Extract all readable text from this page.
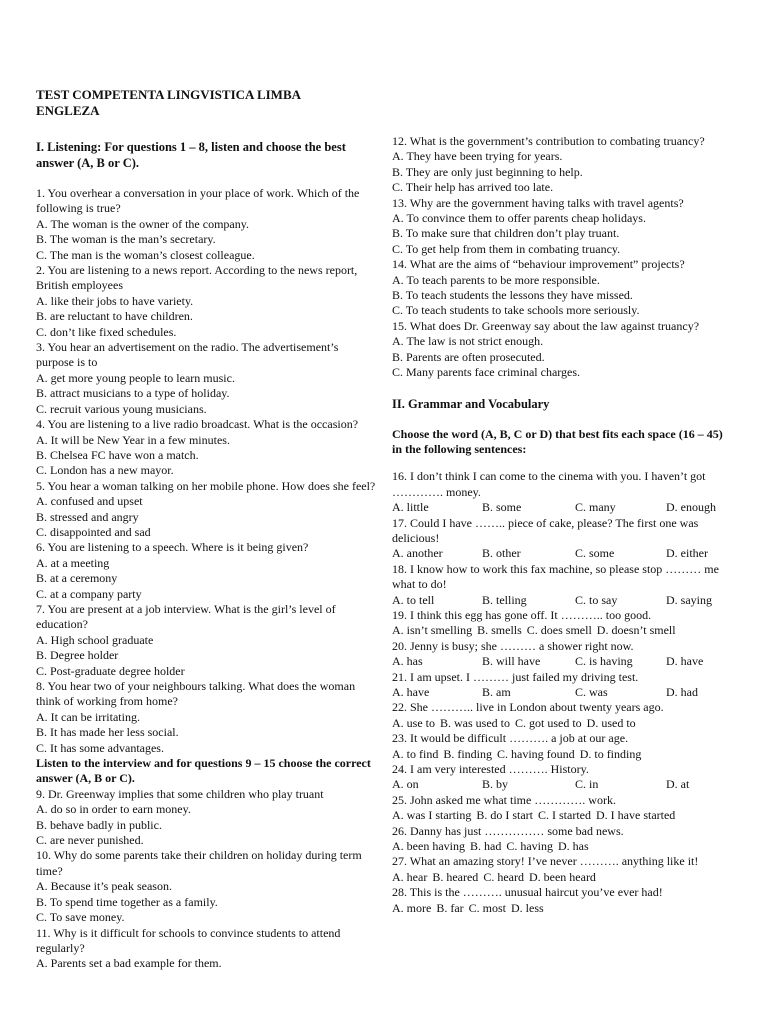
TEST COMPETENTA LINGVISTICA LIMBA ENGLEZA
I. Listening: For questions 1 – 8, listen and choose the best answer (A, B or C).
1. You overhear a conversation in your place of work. Which of the following is true?
A. The woman is the owner of the company.
B. The woman is the man’s secretary.
C. The man is the woman’s closest colleague.
2. You are listening to a news report. According to the news report, British employees
A. like their jobs to have variety.
B. are reluctant to have children.
C. don’t like fixed schedules.
3. You hear an advertisement on the radio. The advertisement’s purpose is to
A. get more young people to learn music.
B. attract musicians to a type of holiday.
C. recruit various young musicians.
4. You are listening to a live radio broadcast. What is the occasion?
A. It will be New Year in a few minutes.
B. Chelsea FC have won a match.
C. London has a new mayor.
5. You hear a woman talking on her mobile phone. How does she feel?
A. confused and upset
B. stressed and angry
C. disappointed and sad
6. You are listening to a speech. Where is it being given?
A. at a meeting
B. at a ceremony
C. at a company party
7. You are present at a job interview. What is the girl’s level of education?
A. High school graduate
B. Degree holder
C. Post-graduate degree holder
8. You hear two of your neighbours talking. What does the woman think of working from home?
A. It can be irritating.
B. It has made her less social.
C. It has some advantages.
Listen to the interview and for questions 9 – 15 choose the correct answer (A, B or C).
9. Dr. Greenway implies that some children who play truant
A. do so in order to earn money.
B. behave badly in public.
C. are never punished.
10. Why do some parents take their children on holiday during term time?
A. Because it’s peak season.
B. To spend time together as a family.
C. To save money.
11. Why is it difficult for schools to convince students to attend regularly?
A. Parents set a bad example for them.
12. What is the government’s contribution to combating truancy?
A. They have been trying for years.
B. They are only just beginning to help.
C. Their help has arrived too late.
13. Why are the government having talks with travel agents?
A. To convince them to offer parents cheap holidays.
B. To make sure that children don’t play truant.
C. To get help from them in combating truancy.
14. What are the aims of “behaviour improvement” projects?
A. To teach parents to be more responsible.
B. To teach students the lessons they have missed.
C. To teach students to take schools more seriously.
15. What does Dr. Greenway say about the law against truancy?
A. The law is not strict enough.
B. Parents are often prosecuted.
C. Many parents face criminal charges.
II. Grammar and Vocabulary
Choose the word (A, B, C or D) that best fits each space (16 – 45) in the following sentences:
16. I don’t think I can come to the cinema with you. I haven’t got …………. money.
A. little	B. some	C. many	D. enough
17. Could I have …….. piece of cake, please? The first one was delicious!
A. another	B. other	C. some	D. either
18. I know how to work this fax machine, so please stop ……… me what to do!
A. to tell	B. telling	C. to say	D. saying
19. I think this egg has gone off. It ……….. too good.
A. isn’t smelling B. smells C. does smell D. doesn’t smell
20. Jenny is busy; she ……… a shower right now.
A. has	B. will have	C. is having	D. have
21. I am upset. I ……… just failed my driving test.
A. have	B. am	C. was	D. had
22. She ……….. live in London about twenty years ago.
A. use to B. was used to C. got used to D. used to
23. It would be difficult ………. a job at our age.
A. to find B. finding C. having found D. to finding
24. I am very interested ………. History.
A. on	B. by	C. in	D. at
25. John asked me what time …………. work.
A. was I starting B. do I start C. I started D. I have started
26. Danny has just …………… some bad news.
A. been having B. had C. having D. has
27. What an amazing story! I’ve never ………. anything like it!
A. hear B. heared C. heard D. been heard
28. This is the ………. unusual haircut you’ve ever had!
A. more B. far C. most D. less
